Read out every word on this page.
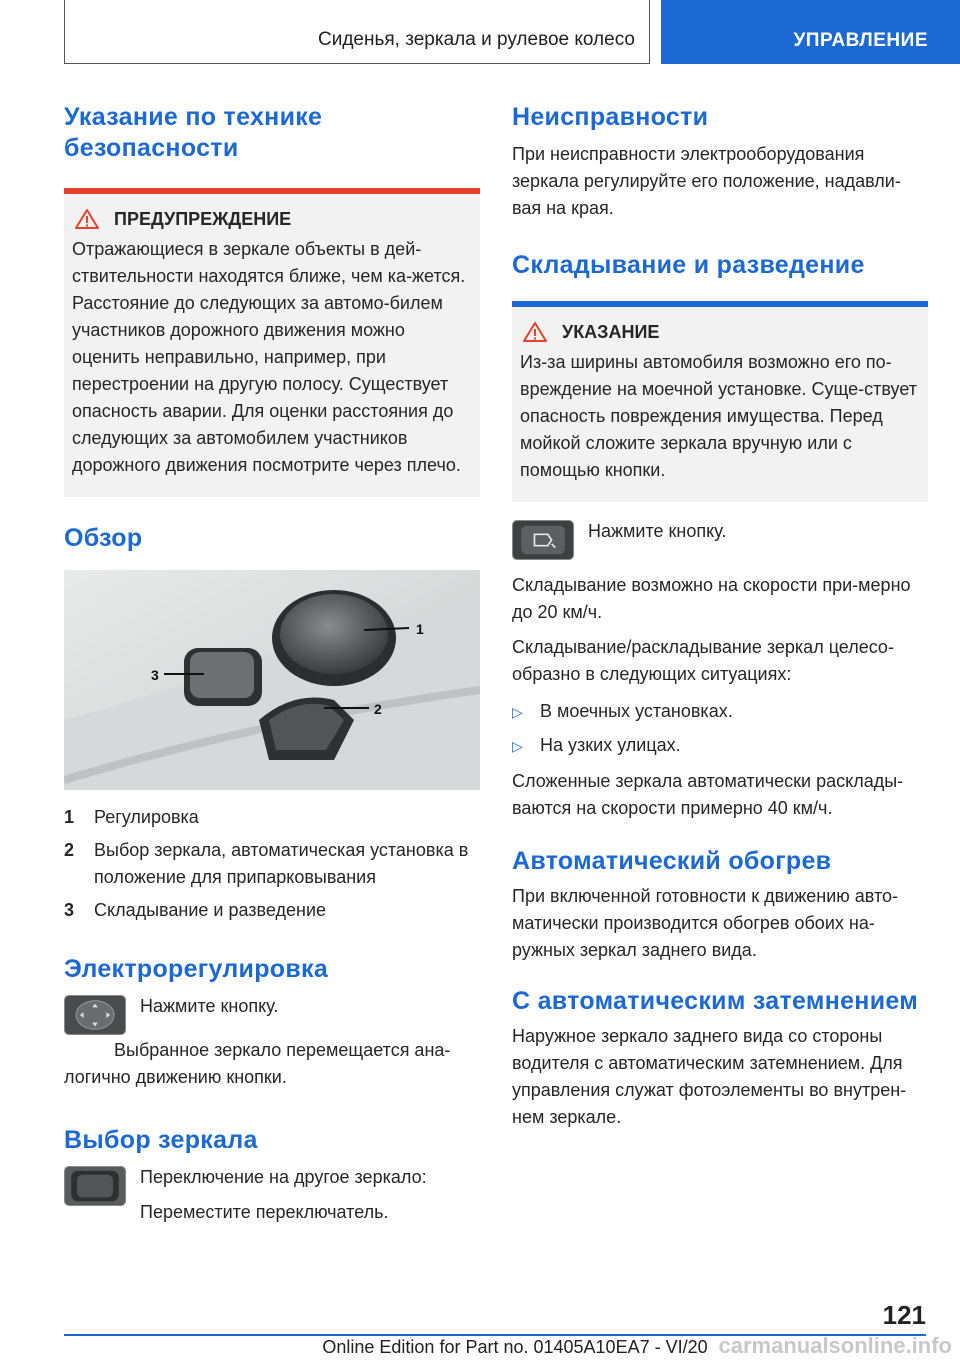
Сиденья, зеркала и рулевое колесо	УПРАВЛЕНИЕ
Указание по технике безопасности
ПРЕДУПРЕЖДЕНИЕ

Отражающиеся в зеркале объекты в дей-ствительности находятся ближе, чем ка-жется. Расстояние до следующих за автомо-билем участников дорожного движения можно оценить неправильно, например, при перестроении на другую полосу. Существует опасность аварии. Для оценки расстояния до следующих за автомобилем участников дорожного движения посмотрите через плечо.

Обзор
1
2
3
1	Регулировка
2	Выбор зеркала, автоматическая установка в положение для припарковывания
3	Складывание и разведение
Электрорегулировка

Нажмите кнопку.

Выбранное зеркало перемещается ана-логично движению кнопки.

Выбор зеркала

Переключение на другое зеркало:

Переместите переключатель.

Неисправности

При неисправности электрооборудования зеркала регулируйте его положение, надавли-вая на края.

Складывание и разведение
УКАЗАНИЕ

Из-за ширины автомобиля возможно его по-вреждение на моечной установке. Суще-ствует опасность повреждения имущества. Перед мойкой сложите зеркала вручную или с помощью кнопки.

Нажмите кнопку.

Складывание возможно на скорости при-мерно до 20 км/ч.

Складывание/раскладывание зеркал целесо-образно в следующих ситуациях:

▷ В моечных установках.
▷ На узких улицах.

Сложенные зеркала автоматически расклады-ваются на скорости примерно 40 км/ч.

Автоматический обогрев

При включенной готовности к движению авто-матически производится обогрев обоих на-ружных зеркал заднего вида.

С автоматическим затемнением

Наружное зеркало заднего вида со стороны водителя с автоматическим затемнением. Для управления служат фотоэлементы во внутрен-нем зеркале.

121
Online Edition for Part no. 01405A10EA7 - VI/20 carmanualsonline.info
